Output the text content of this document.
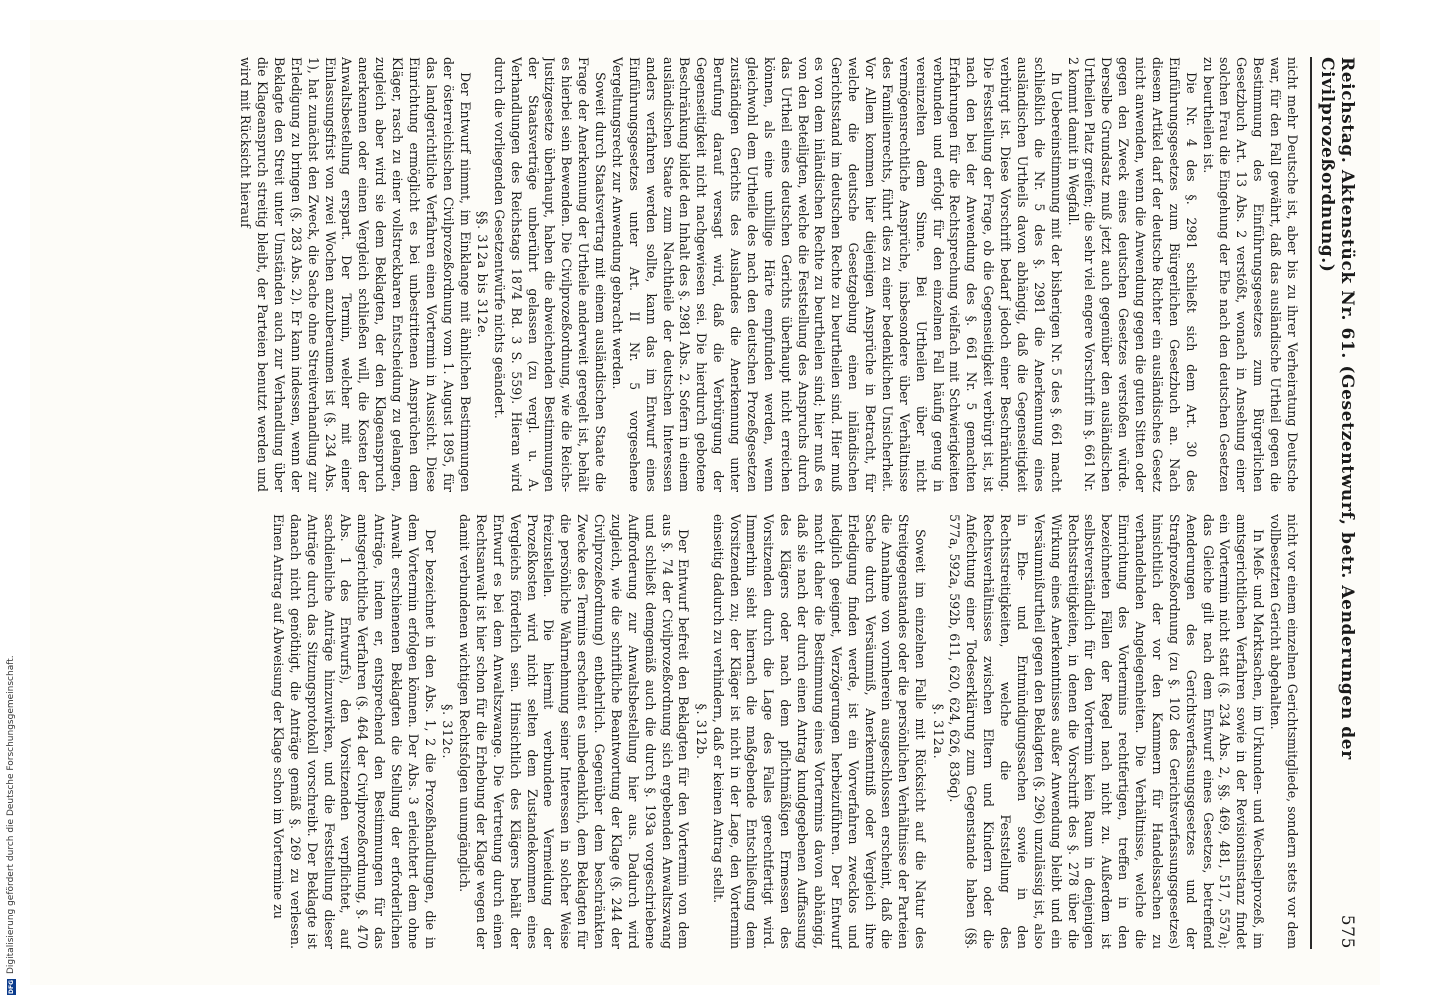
Reichstag. Aktenstück Nr. 61. (Gesetzentwurf, betr. Aenderungen der Civilprozeßordnung.)
575

nicht mehr Deutsche ist, aber bis zu ihrer Verheiratung Deutsche war, für den Fall gewährt, daß das ausländische Urtheil gegen die Bestimmung des Einführungsgesetzes zum Bürgerlichen Gesetzbuch Art. 13 Abs. 2 verstößt, wonach in Ansehung einer solchen Frau die Eingehung der Ehe nach den deutschen Gesetzen zu beurtheilen ist.

Die Nr. 4 des §. 2981 schließt sich dem Art. 30 des Einführungsgesetzes zum Bürgerlichen Gesetzbuch an. Nach diesem Artikel darf der deutsche Richter ein ausländisches Gesetz nicht anwenden, wenn die Anwendung gegen die guten Sitten oder gegen den Zweck eines deutschen Gesetzes verstoßen würde. Derselbe Grundsatz muß jetzt auch gegenüber den ausländischen Urtheilen Platz greifen; die sehr viel engere Vorschrift im §. 661 Nr. 2 kommt damit in Wegfall.

In Uebereinstimmung mit der bisherigen Nr. 5 des §. 661 macht schließlich die Nr. 5 des §. 2981 die Anerkennung eines ausländischen Urtheils davon abhängig, daß die Gegenseitigkeit verbürgt ist. Diese Vorschrift bedarf jedoch einer Beschränkung. Die Feststellung der Frage, ob die Gegenseitigkeit verbürgt ist, ist nach den bei der Anwendung des §. 661 Nr. 5 gemachten Erfahrungen für die Rechtsprechung vielfach mit Schwierigkeiten verbunden und erfolgt für den einzelnen Fall häufig genug in vereinzelten dem Sinne. Bei Urtheilen über nicht vermögensrechtliche Ansprüche, insbesondere über Verhältnisse des Familienrechts, führt dies zu einer bedenklichen Unsicherheit. Vor Allem kommen hier diejenigen Ansprüche in Betracht, für welche die deutsche Gesetzgebung einen inländischen Gerichtsstand im deutschen Rechte zu beurtheilen sind. Hier muß es von dem inländischen Rechte zu beurtheilen sind; hier muß es von den Beteiligten, welche die Feststellung des Anspruchs durch das Urtheil eines deutschen Gerichts überhaupt nicht erreichen können, als eine unbillige Härte empfunden werden, wenn gleichwohl dem Urtheile des nach den deutschen Prozeßgesetzen zuständigen Gerichts des Auslandes die Anerkennung unter Berufung darauf versagt wird, daß die Verbürgung der Gegenseitigkeit nicht nachgewiesen sei. Die hierdurch gebotene Beschränkung bildet den Inhalt des §. 2981 Abs. 2. Sofern in einem ausländischen Staate zum Nachtheile der deutschen Interessen anders verfahren werden sollte, kann das im Entwurf eines Einführungsgesetzes unter Art. II Nr. 5 vorgesehene Vergeltungsrecht zur Anwendung gebracht werden.

Soweit durch Staatsvertrag mit einem ausländischen Staate die Frage der Anerkennung der Urtheile anderweit geregelt ist, behält es hierbei sein Bewenden. Die Civilprozeßordnung, wie die Reichs-Justizgesetze überhaupt, haben die abweichenden Bestimmungen der Staatsverträge unberührt gelassen (zu vergl. u. A. Verhandlungen des Reichstags 1874 Bd. 3 S. 559). Hieran wird durch die vorliegenden Gesetzentwürfe nichts geändert.

§§. 312a bis 312e.

Der Entwurf nimmt, im Einklange mit ähnlichen Bestimmungen der österreichischen Civilprozeßordnung vom 1. August 1895, für das landgerichtliche Verfahren einen Vortermin in Aussicht. Diese Einrichtung ermöglicht es bei unbestrittenen Ansprüchen dem Kläger, rasch zu einer vollstreckbaren Entscheidung zu gelangen, zugleich aber wird sie dem Beklagten, der den Klageanspruch anerkennen oder einen Vergleich schließen will, die Kosten der Anwaltsbestellung erspart. Der Termin, welcher mit einer Einlassungsfrist von zwei Wochen anzuberaumen ist (§. 234 Abs. 1), hat zunächst den Zweck, die Sache ohne Streitverhandlung zur Erledigung zu bringen (§. 283 Abs. 2). Er kann indessen, wenn der Beklagte den Streit unter Umständen auch zur Verhandlung über die Klageanspruch streitig bleibt, der Parteien benutzt werden und wird mit Rücksicht hierauf

nicht vor einem einzelnen Gerichtsmitgliede, sondern stets vor dem vollbesetzten Gericht abgehalten.

In Meß- und Marktsachen, im Urkunden- und Wechselprozeß, im amtsgerichtlichen Verfahren sowie in der Revisionsinstanz findet ein Vortermin nicht statt (§. 234 Abs. 2, §§. 469, 481, 517, 557a); das Gleiche gilt nach dem Entwurf eines Gesetzes, betreffend Aenderungen des Gerichtsverfassungsgesetzes und der Strafprozeßordnung (zu §. 102 des Gerichtsverfassungsgesetzes) hinsichtlich der vor den Kammern für Handelssachen zu verhandelnden Angelegenheiten. Die Verhältnisse, welche die Einrichtung des Vortermins rechtfertigen, treffen in den bezeichneten Fällen der Regel nach nicht zu. Außerdem ist selbstverständlich für den Vortermin kein Raum in denjenigen Rechtsstreitigkeiten, in denen die Vorschrift des §. 278 über die Wirkung eines Anerkenntnisses außer Anwendung bleibt und ein Versäumnißurtheil gegen den Beklagten (§. 296) unzulässig ist, also in Ehe- und Entmündigungssachen sowie in den Rechtsstreitigkeiten, welche die Feststellung des Rechtsverhältnisses zwischen Eltern und Kindern oder die Anfechtung einer Todeserklärung zum Gegenstande haben (§§. 577a, 592a, 592b, 611, 620, 624, 626, 836q).

§. 312a.

Soweit im einzelnen Falle mit Rücksicht auf die Natur des Streitgegenstandes oder die persönlichen Verhältnisse der Parteien die Annahme von vornherein ausgeschlossen erscheint, daß die Sache durch Versäumniß, Anerkenntniß oder Vergleich ihre Erledigung finden werde, ist ein Vorverfahren zwecklos und lediglich geeignet, Verzögerungen herbeizuführen. Der Entwurf macht daher die Bestimmung eines Vortermins davon abhängig, daß sie nach der durch einen Antrag kundgegebenen Auffassung des Klägers oder nach dem pflichtmäßigen Ermessen des Vorsitzenden durch die Lage des Falles gerechtfertigt wird. Immerhin sieht hiernach die maßgebende Entschließung dem Vorsitzenden zu; der Kläger ist nicht in der Lage, den Vortermin einseitig dadurch zu verhindern, daß er keinen Antrag stellt.

§. 312b.

Der Entwurf befreit den Beklagten für den Vortermin von dem aus §. 74 der Civilprozeßordnung sich ergebenden Anwaltszwang und schließt demgemäß auch die durch §. 193a vorgeschriebene Aufforderung zur Anwaltsbestellung hier aus. Dadurch wird zugleich, wie die schriftliche Beantwortung der Klage (§. 244 der Civilprozeßordnung) entbehrlich. Gegenüber dem beschränkten Zwecke des Termins erscheint es unbedenklich, dem Beklagten für die persönliche Wahrnehmung seiner Interessen in solcher Weise freizustellen. Die hiermit verbundene Vermeidung der Prozeßkosten wird nicht selten dem Zustandekommen eines Vergleichs förderlich sein. Hinsichtlich des Klägers behält der Entwurf es bei dem Anwaltszwange. Die Vertretung durch einen Rechtsanwalt ist hier schon für die Erhebung der Klage wegen der damit verbundenen wichtigen Rechtsfolgen unumgänglich.

§. 312c.

Der bezeichnet in den Abs. 1, 2 die Prozeßhandlungen, die in dem Vortermin erfolgen können. Der Abs. 3 erleichtert dem ohne Anwalt erschienenen Beklagten die Stellung der erforderlichen Anträge, indem er, entsprechend den Bestimmungen für das amtsgerichtliche Verfahren (§. 464 der Civilprozeßordnung, §. 470 Abs. 1 des Entwurfs), den Vorsitzenden verpflichtet, auf sachdienliche Anträge hinzuwirken, und die Feststellung dieser Anträge durch das Sitzungsprotokoll vorschreibt. Der Beklagte ist danach nicht genöthigt, die Anträge gemäß §. 269 zu verlesen. Einen Antrag auf Abweisung der Klage schon im Vortermine zu

DFG
Digitalisierung gefördert durch die Deutsche Forschungsgemeinschaft.
